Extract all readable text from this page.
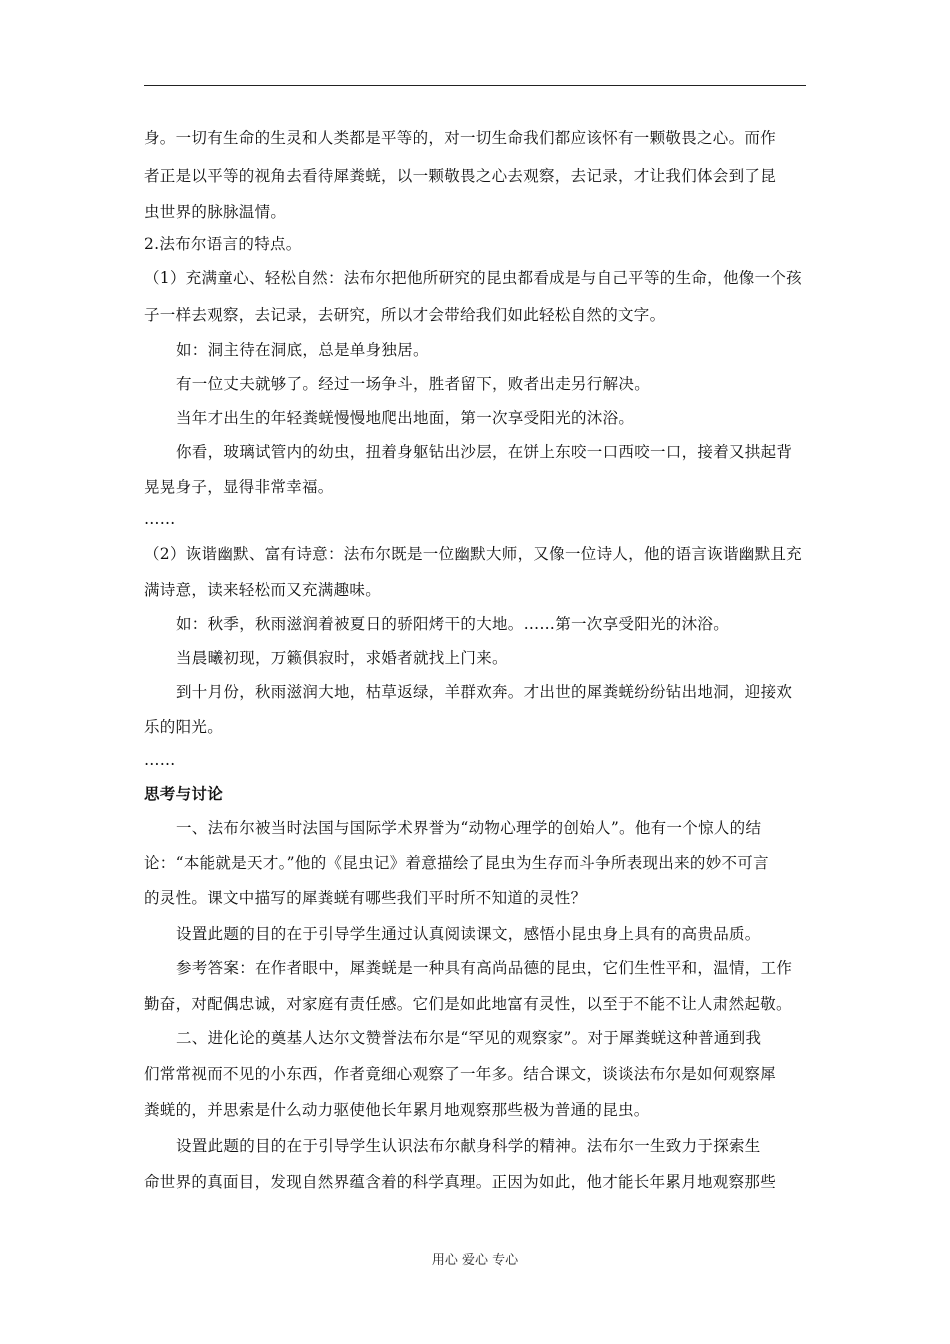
身。一切有生命的生灵和人类都是平等的，对一切生命我们都应该怀有一颗敬畏之心。而作
者正是以平等的视角去看待犀粪蜣，以一颗敬畏之心去观察，去记录，才让我们体会到了昆
虫世界的脉脉温情。
2.法布尔语言的特点。
（1）充满童心、轻松自然：法布尔把他所研究的昆虫都看成是与自己平等的生命，他像一个孩
子一样去观察，去记录，去研究，所以才会带给我们如此轻松自然的文字。
如：洞主待在洞底，总是单身独居。
有一位丈夫就够了。经过一场争斗，胜者留下，败者出走另行解决。
当年才出生的年轻粪蜣慢慢地爬出地面，第一次享受阳光的沐浴。
你看，玻璃试管内的幼虫，扭着身躯钻出沙层，在饼上东咬一口西咬一口，接着又拱起背
晃晃身子，显得非常幸福。
……
（2）诙谐幽默、富有诗意：法布尔既是一位幽默大师，又像一位诗人，他的语言诙谐幽默且充
满诗意，读来轻松而又充满趣味。
如：秋季，秋雨滋润着被夏日的骄阳烤干的大地。……第一次享受阳光的沐浴。
当晨曦初现，万籁俱寂时，求婚者就找上门来。
到十月份，秋雨滋润大地，枯草返绿，羊群欢奔。才出世的犀粪蜣纷纷钻出地洞，迎接欢
乐的阳光。
……
思考与讨论
一、法布尔被当时法国与国际学术界誉为“动物心理学的创始人”。他有一个惊人的结
论：“本能就是天才。”他的《昆虫记》着意描绘了昆虫为生存而斗争所表现出来的妙不可言
的灵性。课文中描写的犀粪蜣有哪些我们平时所不知道的灵性？
设置此题的目的在于引导学生通过认真阅读课文，感悟小昆虫身上具有的高贵品质。
参考答案：在作者眼中，犀粪蜣是一种具有高尚品德的昆虫，它们生性平和，温情，工作
勤奋，对配偶忠诚，对家庭有责任感。它们是如此地富有灵性，以至于不能不让人肃然起敬。
二、进化论的奠基人达尔文赞誉法布尔是“罕见的观察家”。对于犀粪蜣这种普通到我
们常常视而不见的小东西，作者竟细心观察了一年多。结合课文，谈谈法布尔是如何观察犀
粪蜣的，并思索是什么动力驱使他长年累月地观察那些极为普通的昆虫。
设置此题的目的在于引导学生认识法布尔献身科学的精神。法布尔一生致力于探索生
命世界的真面目，发现自然界蕴含着的科学真理。正因为如此，他才能长年累月地观察那些
用心 爱心 专心
